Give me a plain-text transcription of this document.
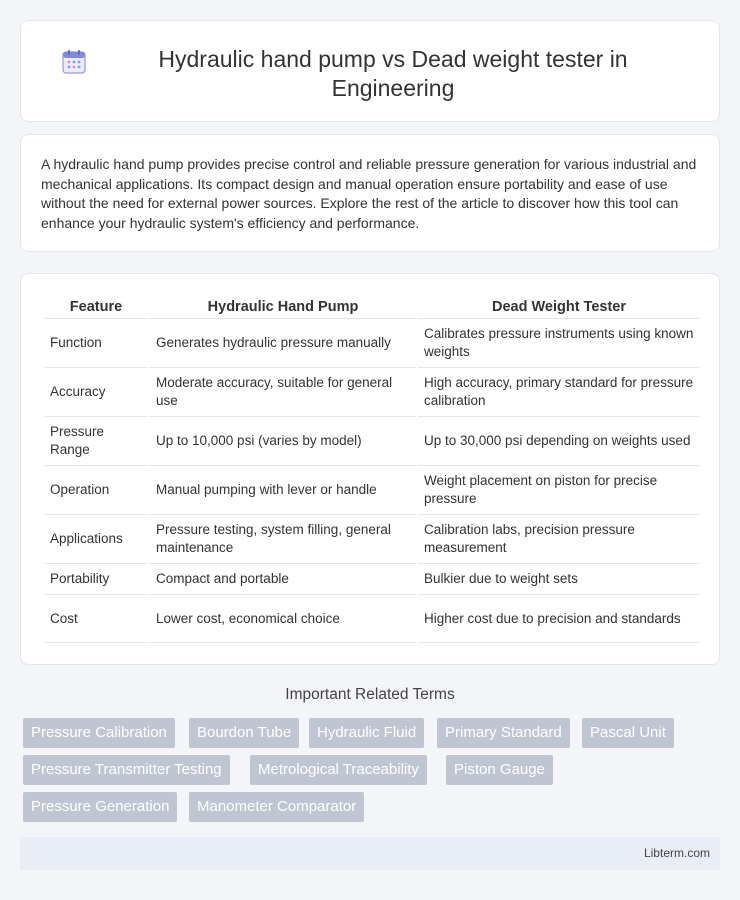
Hydraulic hand pump vs Dead weight tester in Engineering

A hydraulic hand pump provides precise control and reliable pressure generation for various industrial and mechanical applications. Its compact design and manual operation ensure portability and ease of use without the need for external power sources. Explore the rest of the article to discover how this tool can enhance your hydraulic system's efficiency and performance.

Feature	Hydraulic Hand Pump	Dead Weight Tester
Function	Generates hydraulic pressure manually	Calibrates pressure instruments using known weights
Accuracy	Moderate accuracy, suitable for general use	High accuracy, primary standard for pressure calibration
Pressure Range	Up to 10,000 psi (varies by model)	Up to 30,000 psi depending on weights used
Operation	Manual pumping with lever or handle	Weight placement on piston for precise pressure
Applications	Pressure testing, system filling, general maintenance	Calibration labs, precision pressure measurement
Portability	Compact and portable	Bulkier due to weight sets
Cost	Lower cost, economical choice	Higher cost due to precision and standards
Important Related Terms
Pressure Calibration	Bourdon Tube	Hydraulic Fluid	Primary Standard	Pascal Unit
Pressure Transmitter Testing	Metrological Traceability	Piston Gauge
Pressure Generation	Manometer Comparator
Libterm.com
